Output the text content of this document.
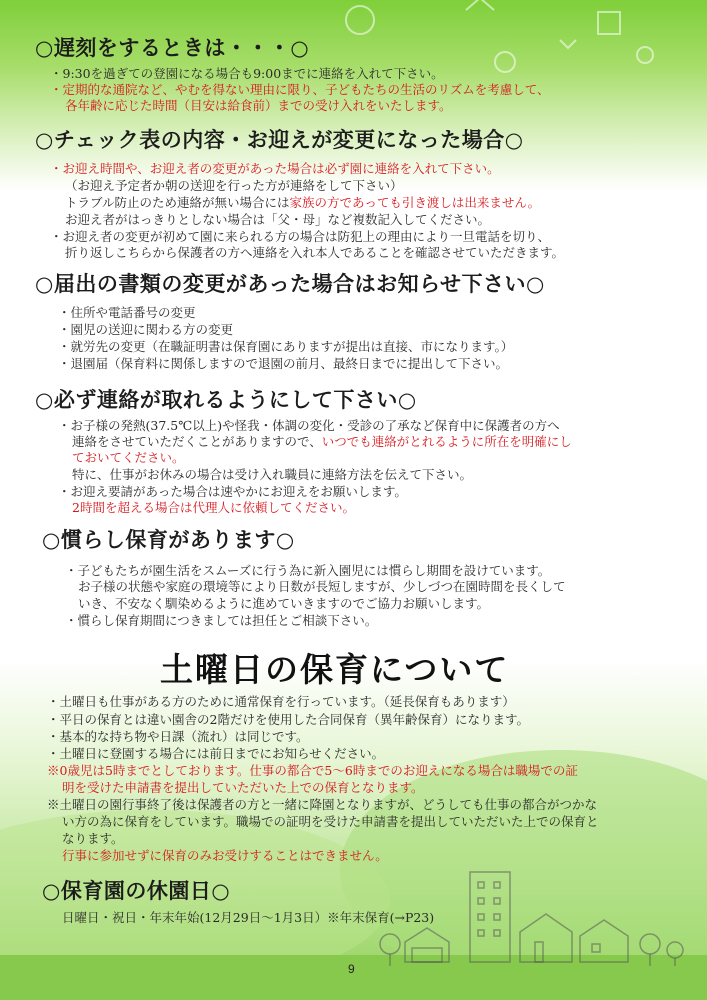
○遅刻をするときは・・・○
・9:30を過ぎての登園になる場合も9:00までに連絡を入れて下さい。
・定期的な通院など、やむを得ない理由に限り、子どもたちの生活のリズムを考慮して、
各年齢に応じた時間（目安は給食前）までの受け入れをいたします。
○チェック表の内容・お迎えが変更になった場合○
・お迎え時間や、お迎え者の変更があった場合は必ず園に連絡を入れて下さい。
（お迎え予定者か朝の送迎を行った方が連絡をして下さい）
トラブル防止のため連絡が無い場合には家族の方であっても引き渡しは出来ません。
お迎え者がはっきりとしない場合は「父・母」など複数記入してください。
・お迎え者の変更が初めて園に来られる方の場合は防犯上の理由により一旦電話を切り、
折り返しこちらから保護者の方へ連絡を入れ本人であることを確認させていただきます。
○届出の書類の変更があった場合はお知らせ下さい○
・住所や電話番号の変更
・園児の送迎に関わる方の変更
・就労先の変更（在職証明書は保育園にありますが提出は直接、市になります。）
・退園届（保育料に関係しますので退園の前月、最終日までに提出して下さい。
○必ず連絡が取れるようにして下さい○
・お子様の発熱(37.5℃以上)や怪我・体調の変化・受診の了承など保育中に保護者の方へ
連絡をさせていただくことがありますので、いつでも連絡がとれるように所在を明確にし
ておいてください。
特に、仕事がお休みの場合は受け入れ職員に連絡方法を伝えて下さい。
・お迎え要請があった場合は速やかにお迎えをお願いします。
2時間を超える場合は代理人に依頼してください。
○慣らし保育があります○
・子どもたちが園生活をスムーズに行う為に新入園児には慣らし期間を設けています。
お子様の状態や家庭の環境等により日数が長短しますが、少しづつ在園時間を長くして
いき、不安なく馴染めるように進めていきますのでご協力お願いします。
・慣らし保育期間につきましては担任とご相談下さい。
土曜日の保育について
・土曜日も仕事がある方のために通常保育を行っています。（延長保育もあります）
・平日の保育とは違い園舎の2階だけを使用した合同保育（異年齢保育）になります。
・基本的な持ち物や日課（流れ）は同じです。
・土曜日に登園する場合には前日までにお知らせください。
※0歳児は5時までとしております。仕事の都合で5～6時までのお迎えになる場合は職場での証
明を受けた申請書を提出していただいた上での保育となります。
※土曜日の園行事終了後は保護者の方と一緒に降園となりますが、どうしても仕事の都合がつかな
い方の為に保育をしています。職場での証明を受けた申請書を提出していただいた上での保育と
なります。
行事に参加せずに保育のみお受けすることはできません。
○保育園の休園日○
日曜日・祝日・年末年始(12月29日～1月3日）※年末保育(→P23)
9
